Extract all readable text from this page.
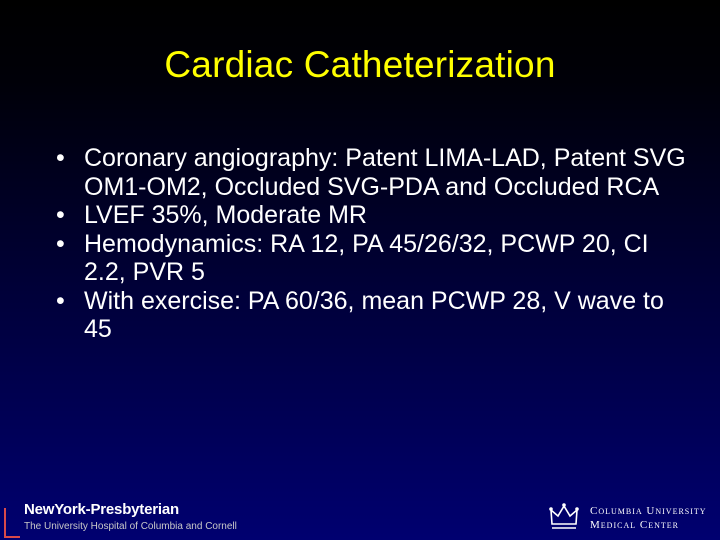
Cardiac Catheterization
• Coronary angiography: Patent LIMA-LAD, Patent SVG OM1-OM2, Occluded SVG-PDA and Occluded RCA
• LVEF 35%, Moderate MR
• Hemodynamics: RA 12, PA 45/26/32, PCWP 20, CI 2.2, PVR 5
• With exercise: PA 60/36, mean PCWP 28, V wave to 45
NewYork-Presbyterian
The University Hospital of Columbia and Cornell
Columbia University
Medical Center
